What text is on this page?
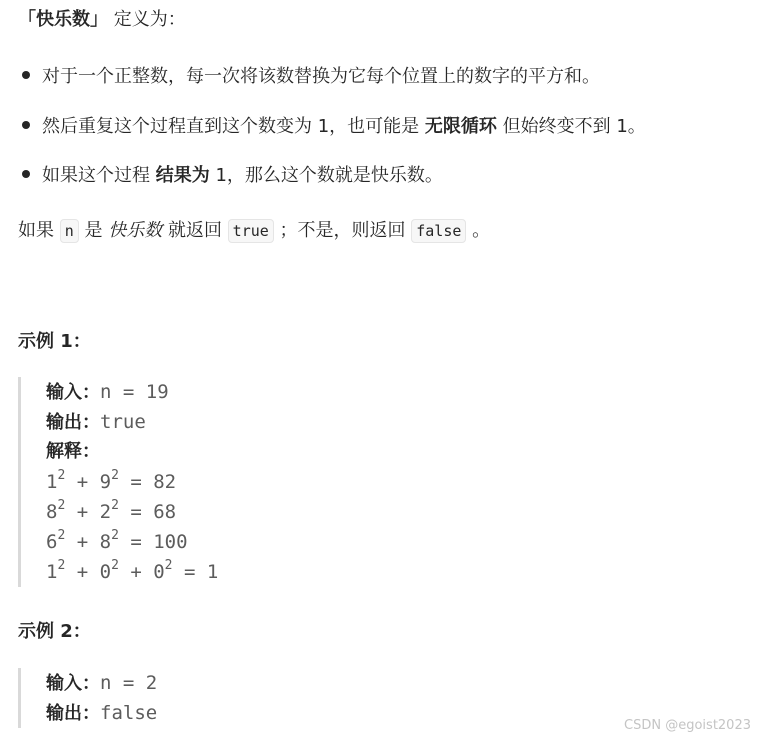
「快乐数」 定义为：
对于一个正整数，每一次将该数替换为它每个位置上的数字的平方和。
然后重复这个过程直到这个数变为 1，也可能是 无限循环 但始终变不到 1。
如果这个过程 结果为 1，那么这个数就是快乐数。
如果 n 是 快乐数 就返回 true ；不是，则返回 false 。
示例 1：
输入：n = 19
输出：true
解释：
$1^2 + 9^2 = 82$
$8^2 + 2^2 = 68$
$6^2 + 8^2 = 100$
$1^2 + 0^2 + 0^2 = 1$
示例 2：
输入：n = 2
输出：false
CSDN @egoist2023
